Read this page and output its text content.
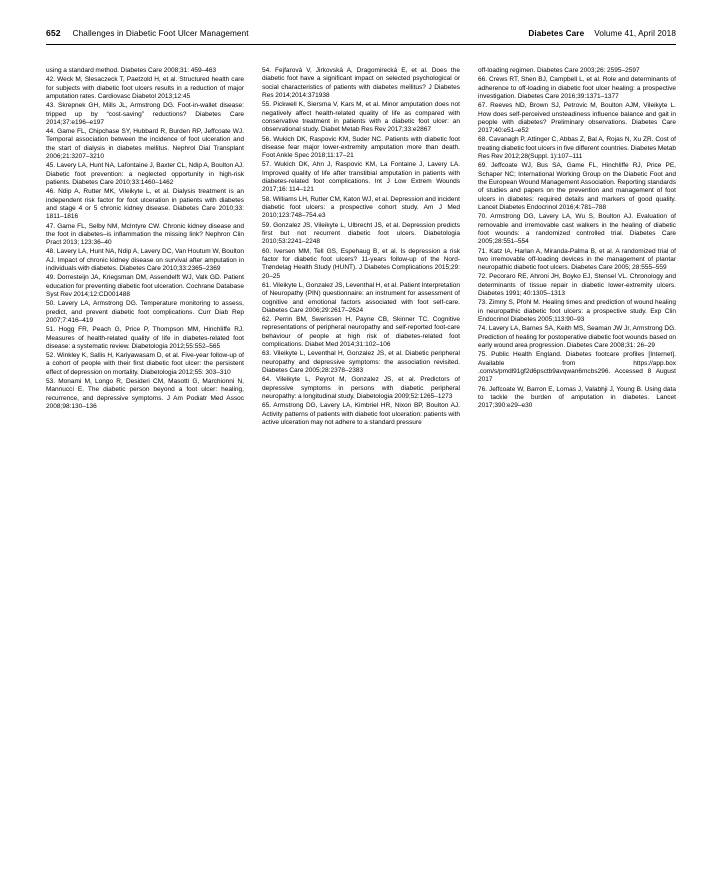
652 Challenges in Diabetic Foot Ulcer Management	Diabetes Care Volume 41, April 2018

using a standard method. Diabetes Care 2008;31: 459–463

42. Weck M, Slesaczeck T, Paetzold H, et al. Structured health care for subjects with diabetic foot ulcers results in a reduction of major amputation rates. Cardiovasc Diabetol 2013;12:45

43. Skrepnek GH, Mills JL, Armstrong DG. Foot-in-wallet disease: tripped up by “cost-saving” reductions? Diabetes Care 2014;37:e196–e197

44. Game FL, Chipchase SY, Hubbard R, Burden RP, Jeffcoate WJ. Temporal association between the incidence of foot ulceration and the start of dialysis in diabetes mellitus. Nephrol Dial Transplant 2006;21:3207–3210

45. Lavery LA, Hunt NA, Lafontaine J, Baxter CL, Ndip A, Boulton AJ. Diabetic foot prevention: a neglected opportunity in high-risk patients. Diabetes Care 2010;33:1460–1462

46. Ndip A, Rutter MK, Vileikyte L, et al. Dialysis treatment is an independent risk factor for foot ulceration in patients with diabetes and stage 4 or 5 chronic kidney disease. Diabetes Care 2010;33: 1811–1816

47. Game FL, Selby NM, McIntyre CW. Chronic kidney disease and the foot in diabetes–is inflammation the missing link? Nephron Clin Pract 2013; 123:36–40

48. Lavery LA, Hunt NA, Ndip A, Lavery DC, Van Houtum W, Boulton AJ. Impact of chronic kidney disease on survival after amputation in individuals with diabetes. Diabetes Care 2010;33:2365–2369

49. Dorresteijn JA, Kriegsman DM, Assendelft WJ, Valk GD. Patient education for preventing diabetic foot ulceration. Cochrane Database Syst Rev 2014;12:CD001488

50. Lavery LA, Armstrong DG. Temperature monitoring to assess, predict, and prevent diabetic foot complications. Curr Diab Rep 2007;7:416–419

51. Hogg FR, Peach G, Price P, Thompson MM, Hinchliffe RJ. Measures of health-related quality of life in diabetes-related foot disease: a systematic review. Diabetologia 2012;55:552–565

52. Winkley K, Sallis H, Kariyawasam D, et al. Five-year follow-up of a cohort of people with their first diabetic foot ulcer: the persistent effect of depression on mortality. Diabetologia 2012;55: 303–310

53. Monami M, Longo R, Desideri CM, Masotti G, Marchionni N, Mannucci E. The diabetic person beyond a foot ulcer: healing, recurrence, and depressive symptoms. J Am Podiatr Med Assoc 2008;98:130–136

54. Fejfarová V, Jirkovská A, Dragomirecká E, et al. Does the diabetic foot have a significant impact on selected psychological or social characteristics of patients with diabetes mellitus? J Diabetes Res 2014;2014:371938

55. Pickwell K, Siersma V, Kars M, et al. Minor amputation does not negatively affect health-related quality of life as compared with conservative treatment in patients with a diabetic foot ulcer: an observational study. Diabet Metab Res Rev 2017;33:e2867

56. Wukich DK, Raspovic KM, Suder NC. Patients with diabetic foot disease fear major lower-extremity amputation more than death. Foot Ankle Spec 2018;11:17–21

57. Wukich DK, Ahn J, Raspovic KM, La Fontaine J, Lavery LA. Improved quality of life after transtibial amputation in patients with diabetes-related foot complications. Int J Low Extrem Wounds 2017;16: 114–121

58. Williams LH, Rutter CM, Katon WJ, et al. Depression and incident diabetic foot ulcers: a prospective cohort study. Am J Med 2010;123:748–754.e3

59. Gonzalez JS, Vileikyte L, Ulbrecht JS, et al. Depression predicts first but not recurrent diabetic foot ulcers. Diabetologia 2010;53:2241–2248

60. Iversen MM, Tell GS, Espehaug B, et al. Is depression a risk factor for diabetic foot ulcers? 11-years follow-up of the Nord-Trøndelag Health Study (HUNT). J Diabetes Complications 2015;29: 20–25

61. Vileikyte L, Gonzalez JS, Leventhal H, et al. Patient Interpretation of Neuropathy (PIN) questionnaire: an instrument for assessment of cognitive and emotional factors associated with foot self-care. Diabetes Care 2006;29:2617–2624

62. Perrin BM, Swerissen H, Payne CB, Skinner TC. Cognitive representations of peripheral neuropathy and self-reported foot-care behaviour of people at high risk of diabetes-related foot complications. Diabet Med 2014;31:102–106

63. Vileikyte L, Leventhal H, Gonzalez JS, et al. Diabetic peripheral neuropathy and depressive symptoms: the association revisited. Diabetes Care 2005;28:2378–2383

64. Vileikyte L, Peyrot M, Gonzalez JS, et al. Predictors of depressive symptoms in persons with diabetic peripheral neuropathy: a longitudinal study. Diabetologia 2009;52:1265–1273

65. Armstrong DG, Lavery LA, Kimbriel HR, Nixon BP, Boulton AJ. Activity patterns of patients with diabetic foot ulceration: patients with active ulceration may not adhere to a standard pressure

off-loading regimen. Diabetes Care 2003;26: 2595–2597

66. Crews RT, Shen BJ, Campbell L, et al. Role and determinants of adherence to off-loading in diabetic foot ulcer healing: a prospective investigation. Diabetes Care 2016;39:1371–1377

67. Reeves ND, Brown SJ, Petrovic M, Boulton AJM, Vileikyte L. How does self-perceived unsteadiness influence balance and gait in people with diabetes? Preliminary observations. Diabetes Care 2017;40:e51–e52

68. Cavanagh P, Attinger C, Abbas Z, Bal A, Rojas N, Xu ZR. Cost of treating diabetic foot ulcers in five different countries. Diabetes Metab Res Rev 2012;28(Suppl. 1):107–111

69. Jeffcoate WJ, Bus SA, Game FL, Hinchliffe RJ, Price PE, Schaper NC; International Working Group on the Diabetic Foot and the European Wound Management Association. Reporting standards of studies and papers on the prevention and management of foot ulcers in diabetes: required details and markers of good quality. Lancet Diabetes Endocrinol 2016;4:781–788

70. Armstrong DG, Lavery LA, Wu S, Boulton AJ. Evaluation of removable and irremovable cast walkers in the healing of diabetic foot wounds: a randomized controlled trial. Diabetes Care 2005;28:551–554

71. Katz IA, Harlan A, Miranda-Palma B, et al. A randomized trial of two irremovable off-loading devices in the management of plantar neuropathic diabetic foot ulcers. Diabetes Care 2005; 28:555–559

72. Pecoraro RE, Ahroni JH, Boyko EJ, Stensel VL. Chronology and determinants of tissue repair in diabetic lower-extremity ulcers. Diabetes 1991; 40:1305–1313

73. Zimny S, Pfohl M. Healing times and prediction of wound healing in neuropathic diabetic foot ulcers: a prospective study. Exp Clin Endocrinol Diabetes 2005;113:90–93

74. Lavery LA, Barnes SA, Keith MS, Seaman JW Jr, Armstrong DG. Prediction of healing for postoperative diabetic foot wounds based on early wound area progression. Diabetes Care 2008;31: 26–29

75. Public Health England. Diabetes footcare profiles [Internet]. Available from https://app.box .com/s/pmdl91gf2d6psctb9avqwan6mcbs296. Accessed 8 August 2017

76. Jeffcoate W, Barron E, Lomas J, Valabhji J, Young B. Using data to tackle the burden of amputation in diabetes. Lancet 2017;390:e29–e30
